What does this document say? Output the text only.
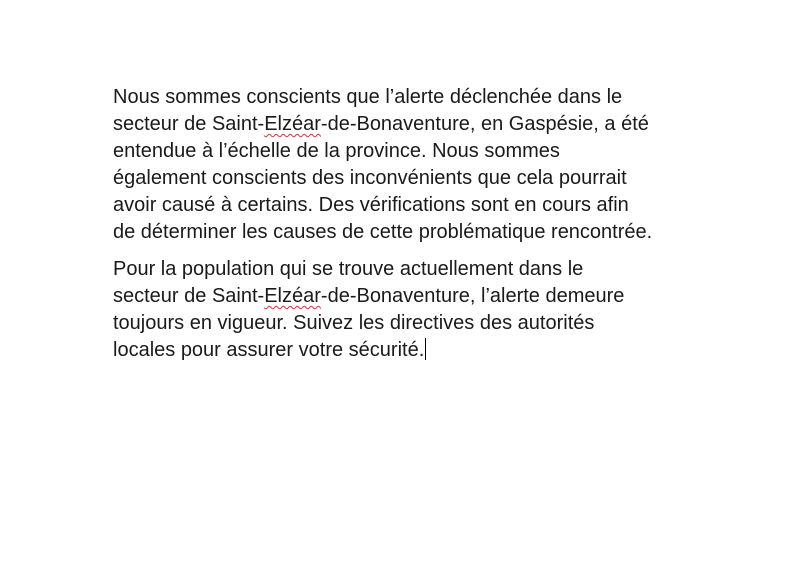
Nous sommes conscients que l’alerte déclenchée dans le
secteur de Saint-Elzéar-de-Bonaventure, en Gaspésie, a été
entendue à l’échelle de la province. Nous sommes
également conscients des inconvénients que cela pourrait
avoir causé à certains. Des vérifications sont en cours afin
de déterminer les causes de cette problématique rencontrée.

Pour la population qui se trouve actuellement dans le
secteur de Saint-Elzéar-de-Bonaventure, l’alerte demeure
toujours en vigueur. Suivez les directives des autorités
locales pour assurer votre sécurité.
